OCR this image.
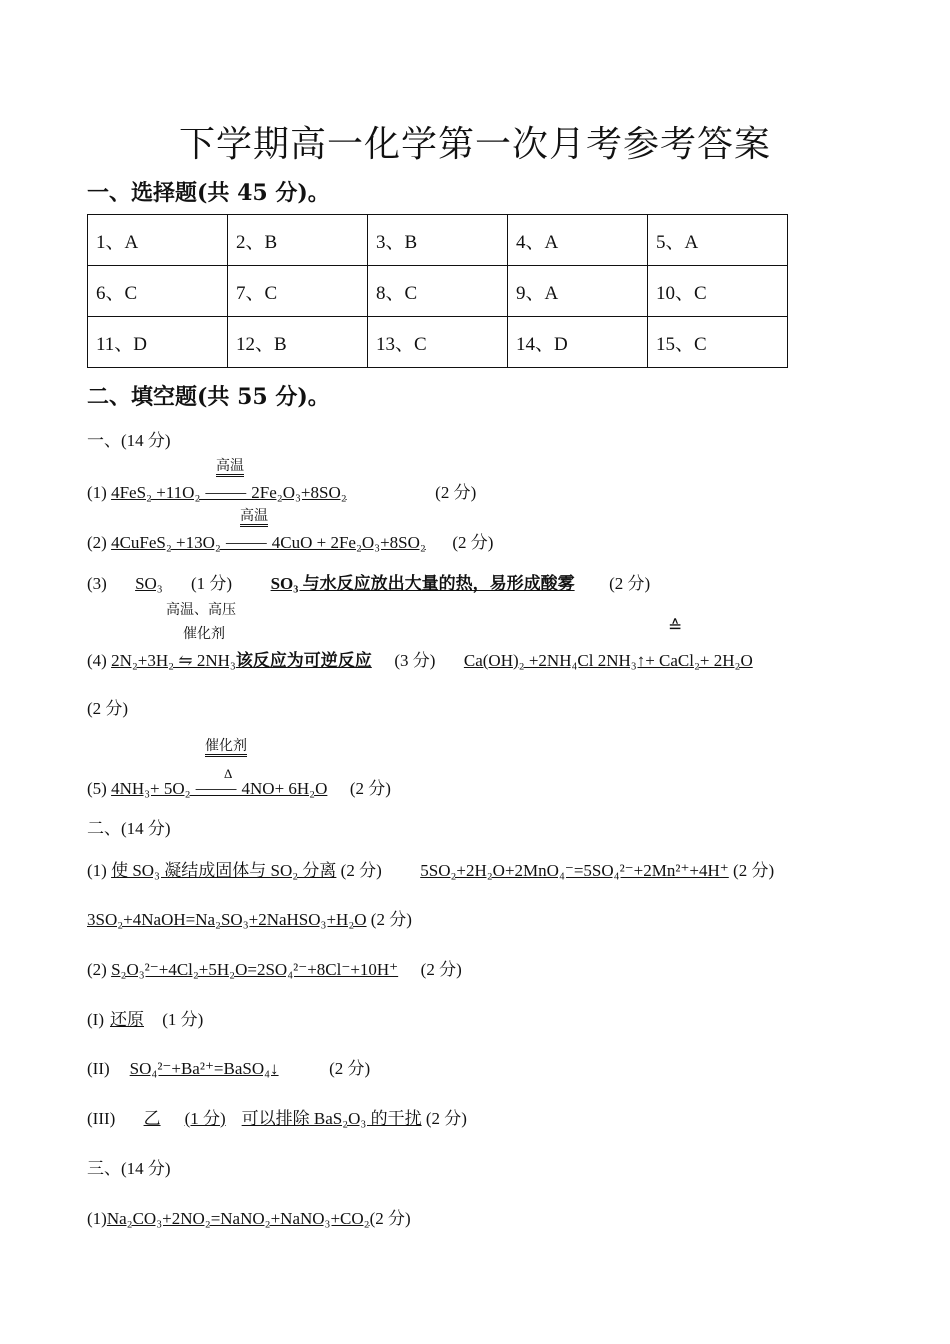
下学期高一化学第一次月考参考答案
一、选择题(共 45 分)。
1、A	2、B	3、B	4、A	5、A
6、C	7、C	8、C	9、A	10、C
11、D	12、B	13、C	14、D	15、C
二、填空题(共 55 分)。
一、(14 分)
高温
(1) 4FeS₂ +11O₂ ⸻ 2Fe₂O₃+8SO₂	(2 分)
高温
(2) 4CuFeS₂ +13O₂ ⸻ 4CuO + 2Fe₂O₃+8SO₂ (2 分)
(3) SO₃ (1 分) SO₃ 与水反应放出大量的热，易形成酸雾 (2 分)
高温、高压
催化剂	≙
(4) 2N₂+3H₂ ⇋ 2NH₃该反应为可逆反应 (3 分) Ca(OH)₂ +2NH₄Cl 2NH₃↑+ CaCl₂+ 2H₂O
(2 分)
催化剂
Δ
(5) 4NH₃+ 5O₂ ⸻ 4NO+ 6H₂O (2 分)
二、(14 分)
(1) 使 SO₃ 凝结成固体与 SO₂ 分离 (2 分) 5SO₂+2H₂O+2MnO₄⁻=5SO₄²⁻+2Mn²⁺+4H⁺ (2 分)
3SO₂+4NaOH=Na₂SO₃+2NaHSO₃+H₂O (2 分)
(2) S₂O₃²⁻+4Cl₂+5H₂O=2SO₄²⁻+8Cl⁻+10H⁺ (2 分)
(I) 还原 (1 分)
(II) SO₄²⁻+Ba²⁺=BaSO₄↓	(2 分)
(III) 乙 (1 分) 可以排除 BaS₂O₃ 的干扰 (2 分)
三、(14 分)
(1)Na₂CO₃+2NO₂=NaNO₂+NaNO₃+CO₂(2 分)
